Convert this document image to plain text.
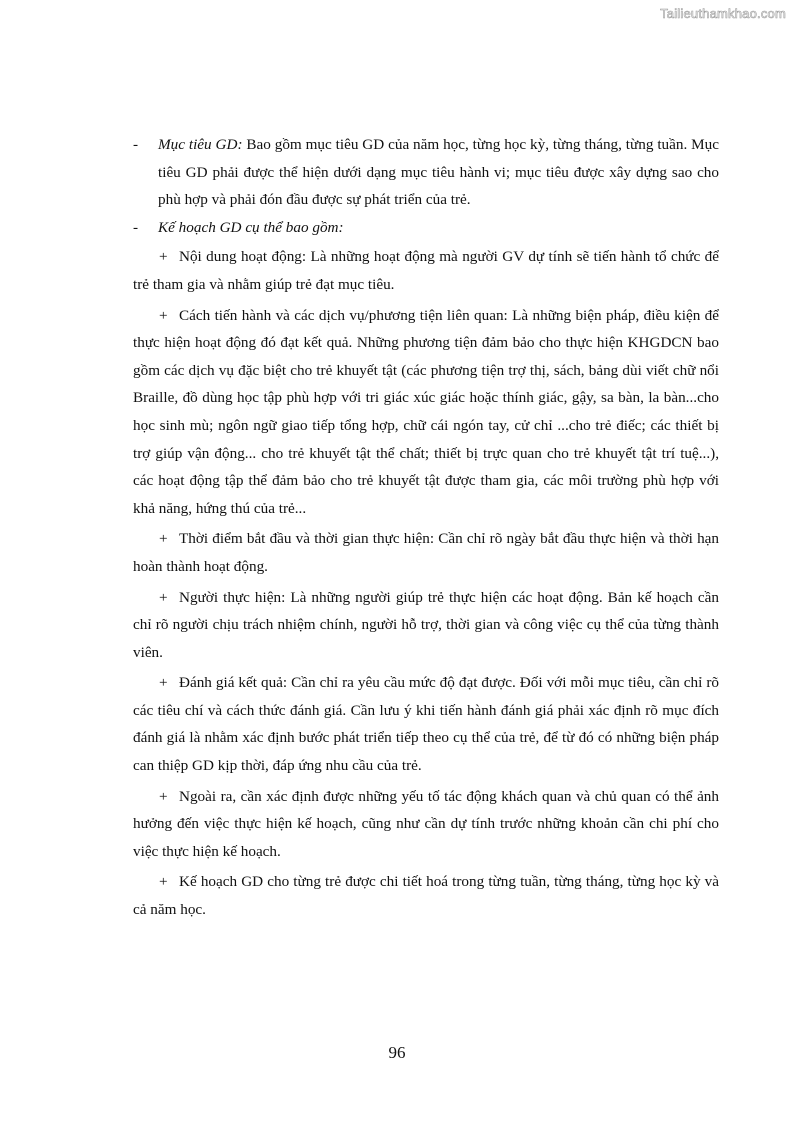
Tailieuthamkhao.com
- Mục tiêu GD: Bao gồm mục tiêu GD của năm học, từng học kỳ, từng tháng, từng tuần. Mục tiêu GD phải được thể hiện dưới dạng mục tiêu hành vi; mục tiêu được xây dựng sao cho phù hợp và phải đón đầu được sự phát triển của trẻ.
- Kế hoạch GD cụ thể bao gồm:

+ Nội dung hoạt động: Là những hoạt động mà người GV dự tính sẽ tiến hành tổ chức để trẻ tham gia và nhằm giúp trẻ đạt mục tiêu.

+ Cách tiến hành và các dịch vụ/phương tiện liên quan: Là những biện pháp, điều kiện để thực hiện hoạt động đó đạt kết quả. Những phương tiện đảm bảo cho thực hiện KHGDCN bao gồm các dịch vụ đặc biệt cho trẻ khuyết tật (các phương tiện trợ thị, sách, bảng dùi viết chữ nổi Braille, đồ dùng học tập phù hợp với tri giác xúc giác hoặc thính giác, gậy, sa bàn, la bàn...cho học sinh mù; ngôn ngữ giao tiếp tổng hợp, chữ cái ngón tay, cử chỉ ...cho trẻ điếc; các thiết bị trợ giúp vận động... cho trẻ khuyết tật thể chất; thiết bị trực quan cho trẻ khuyết tật trí tuệ...), các hoạt động tập thể đảm bảo cho trẻ khuyết tật được tham gia, các môi trường phù hợp với khả năng, hứng thú của trẻ...

+ Thời điểm bắt đầu và thời gian thực hiện: Cần chỉ rõ ngày bắt đầu thực hiện và thời hạn hoàn thành hoạt động.

+ Người thực hiện: Là những người giúp trẻ thực hiện các hoạt động. Bản kế hoạch cần chỉ rõ người chịu trách nhiệm chính, người hỗ trợ, thời gian và công việc cụ thể của từng thành viên.

+ Đánh giá kết quả: Cần chỉ ra yêu cầu mức độ đạt được. Đối với mỗi mục tiêu, cần chỉ rõ các tiêu chí và cách thức đánh giá. Cần lưu ý khi tiến hành đánh giá phải xác định rõ mục đích đánh giá là nhằm xác định bước phát triển tiếp theo cụ thể của trẻ, để từ đó có những biện pháp can thiệp GD kịp thời, đáp ứng nhu cầu của trẻ.

+ Ngoài ra, cần xác định được những yếu tố tác động khách quan và chủ quan có thể ảnh hưởng đến việc thực hiện kế hoạch, cũng như cần dự tính trước những khoản cần chi phí cho việc thực hiện kế hoạch.

+ Kế hoạch GD cho từng trẻ được chi tiết hoá trong từng tuần, từng tháng, từng học kỳ và cả năm học.

96
